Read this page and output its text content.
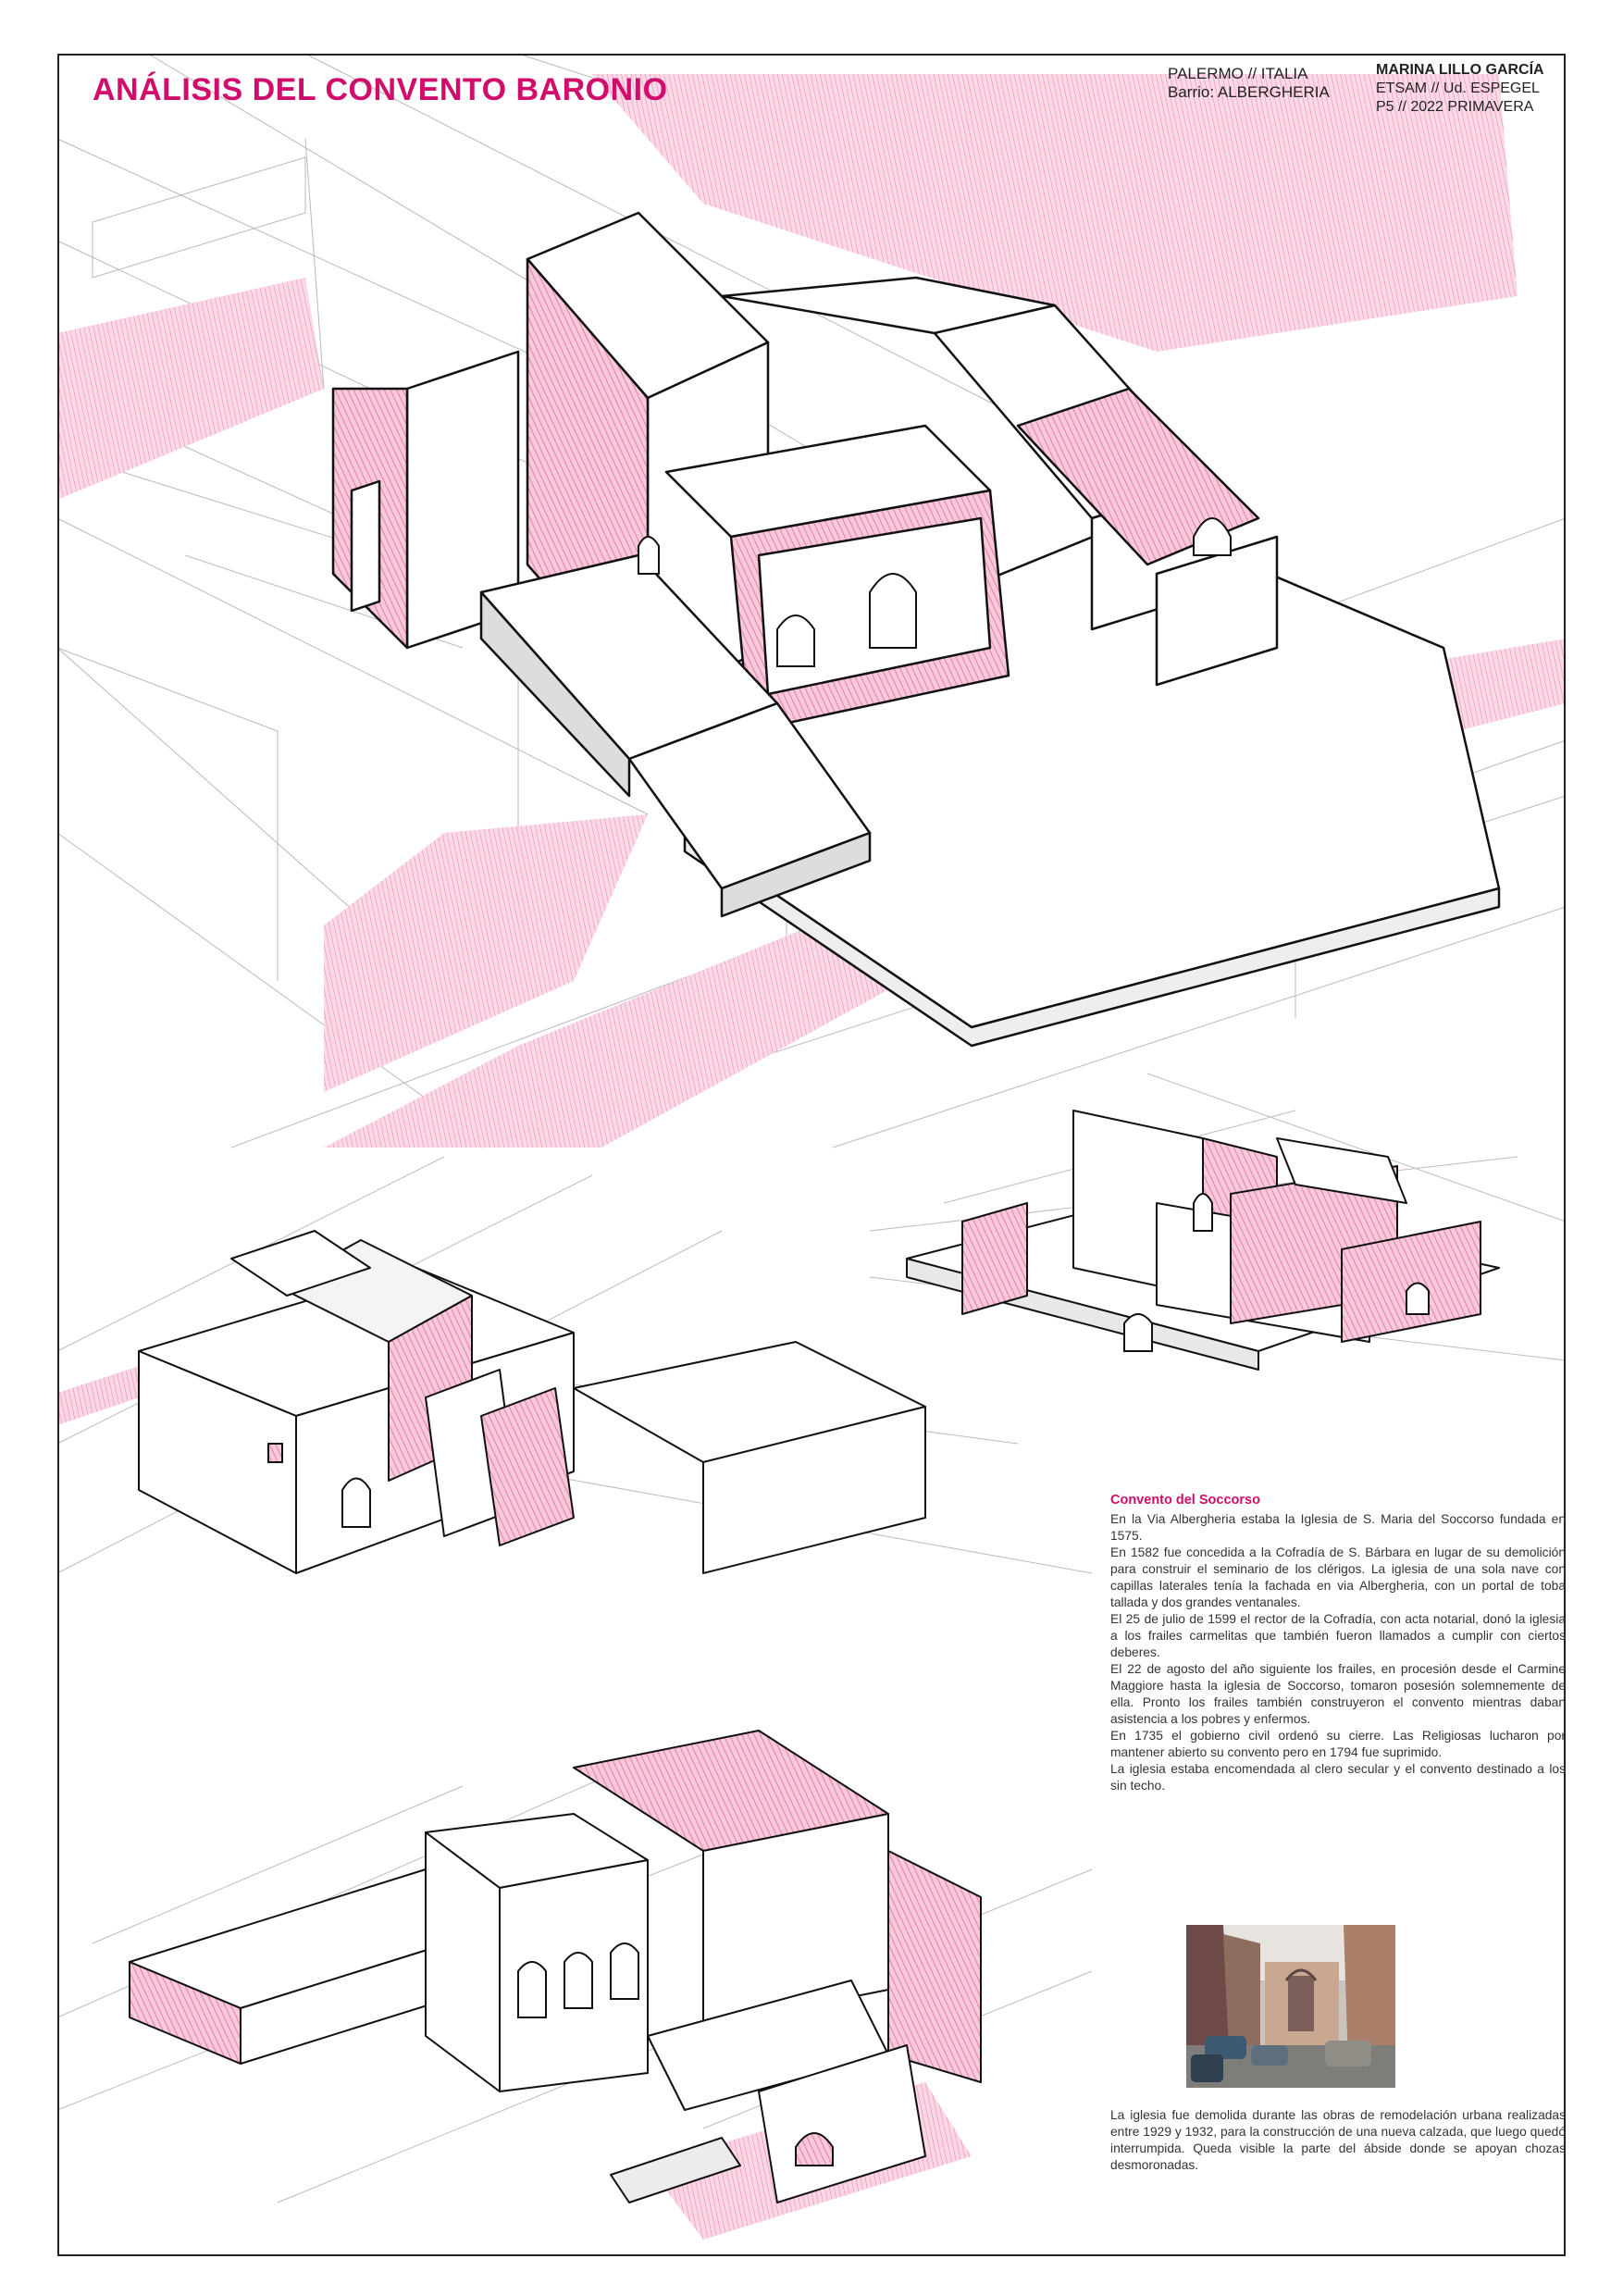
ANÁLISIS DEL CONVENTO BARONIO	PALERMO // ITALIA
Barrio: ALBERGHERIA
MARINA LILLO GARCÍA
ETSAM // Ud. ESPEGEL
P5 // 2022 PRIMAVERA
Convento del Soccorso

En la Via Albergheria estaba la Iglesia de S. Maria del Soccorso fundada en 1575.

En 1582 fue concedida a la Cofradía de S. Bárbara en lugar de su demolición para construir el seminario de los clérigos. La iglesia de una sola nave con capillas laterales tenía la fachada en via Albergheria, con un portal de toba tallada y dos grandes ventanales.

El 25 de julio de 1599 el rector de la Cofradía, con acta notarial, donó la iglesia a los frailes carmelitas que también fueron llamados a cumplir con ciertos deberes.

El 22 de agosto del año siguiente los frailes, en procesión desde el Carmine Maggiore hasta la iglesia de Soccorso, tomaron posesión solemnemente de ella. Pronto los frailes también construyeron el convento mientras daban asistencia a los pobres y enfermos.

En 1735 el gobierno civil ordenó su cierre. Las Religiosas lucharon por mantener abierto su convento pero en 1794 fue suprimido.

La iglesia estaba encomendada al clero secular y el convento destinado a los sin techo.

La iglesia fue demolida durante las obras de remodelación urbana realizadas entre 1929 y 1932, para la construcción de una nueva calzada, que luego quedó interrumpida. Queda visible la parte del ábside donde se apoyan chozas desmoronadas.
